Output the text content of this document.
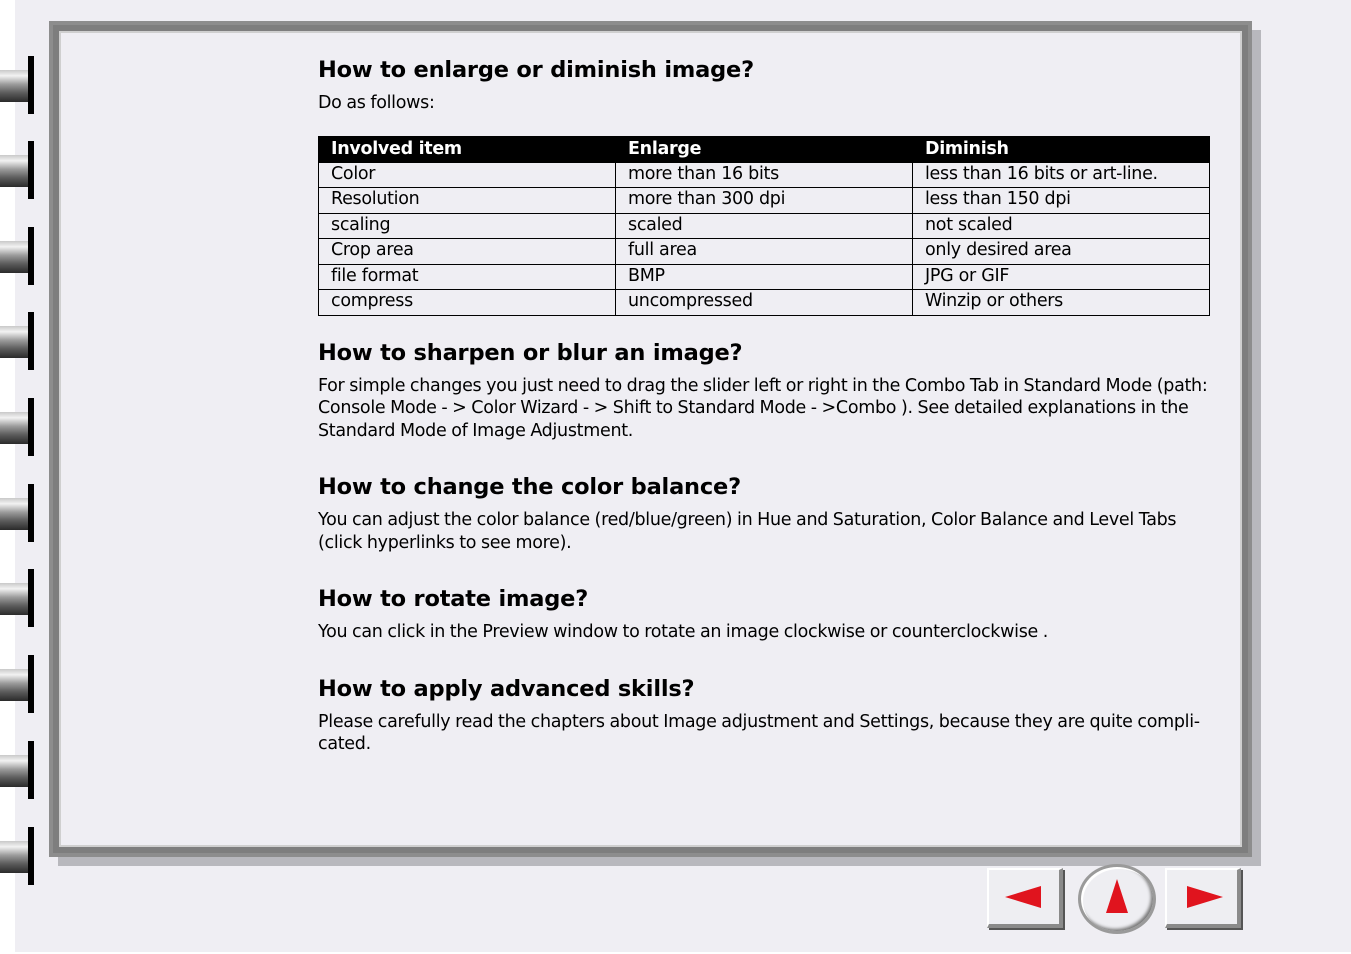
How to enlarge or diminish image?

Do as follows:

Involved item	Enlarge	Diminish
Color	more than 16 bits	less than 16 bits or art-line.
Resolution	more than 300 dpi	less than 150 dpi
scaling	scaled	not scaled
Crop area	full area	only desired area
file format	BMP	JPG or GIF
compress	uncompressed	Winzip or others
How to sharpen or blur an image?

For simple changes you just need to drag the slider left or right in the Combo Tab in Standard Mode (path: Console Mode - > Color Wizard - > Shift to Standard Mode - >Combo ). See detailed explanations in the Standard Mode of Image Adjustment.

How to change the color balance?

You can adjust the color balance (red/blue/green) in Hue and Saturation, Color Balance and Level Tabs (click hyperlinks to see more).

How to rotate image?

You can click in the Preview window to rotate an image clockwise or counterclockwise .

How to apply advanced skills?

Please carefully read the chapters about Image adjustment and Settings, because they are quite compli-cated.
